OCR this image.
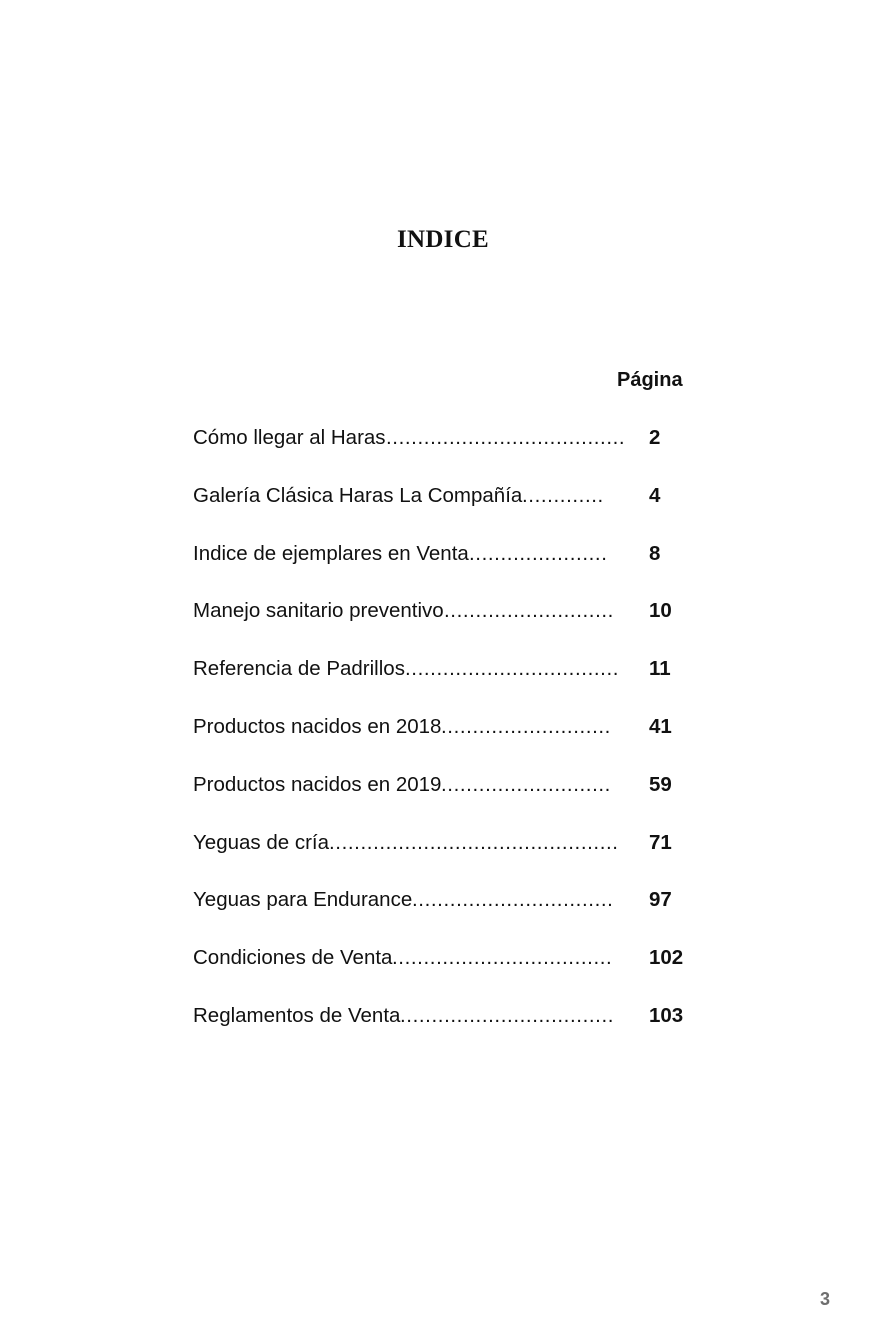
INDICE
Página
Cómo llegar al Haras ......................................	2
Galería Clásica Haras La Compañía .............	4
Indice de ejemplares en Venta ......................	8
Manejo sanitario preventivo ...........................	10
Referencia de Padrillos ..................................	11
Productos nacidos en 2018 ...........................	41
Productos nacidos en 2019 ...........................	59
Yeguas de cría ..............................................	71
Yeguas para Endurance ................................	97
Condiciones de Venta ...................................	102
Reglamentos de Venta ..................................	103
3
